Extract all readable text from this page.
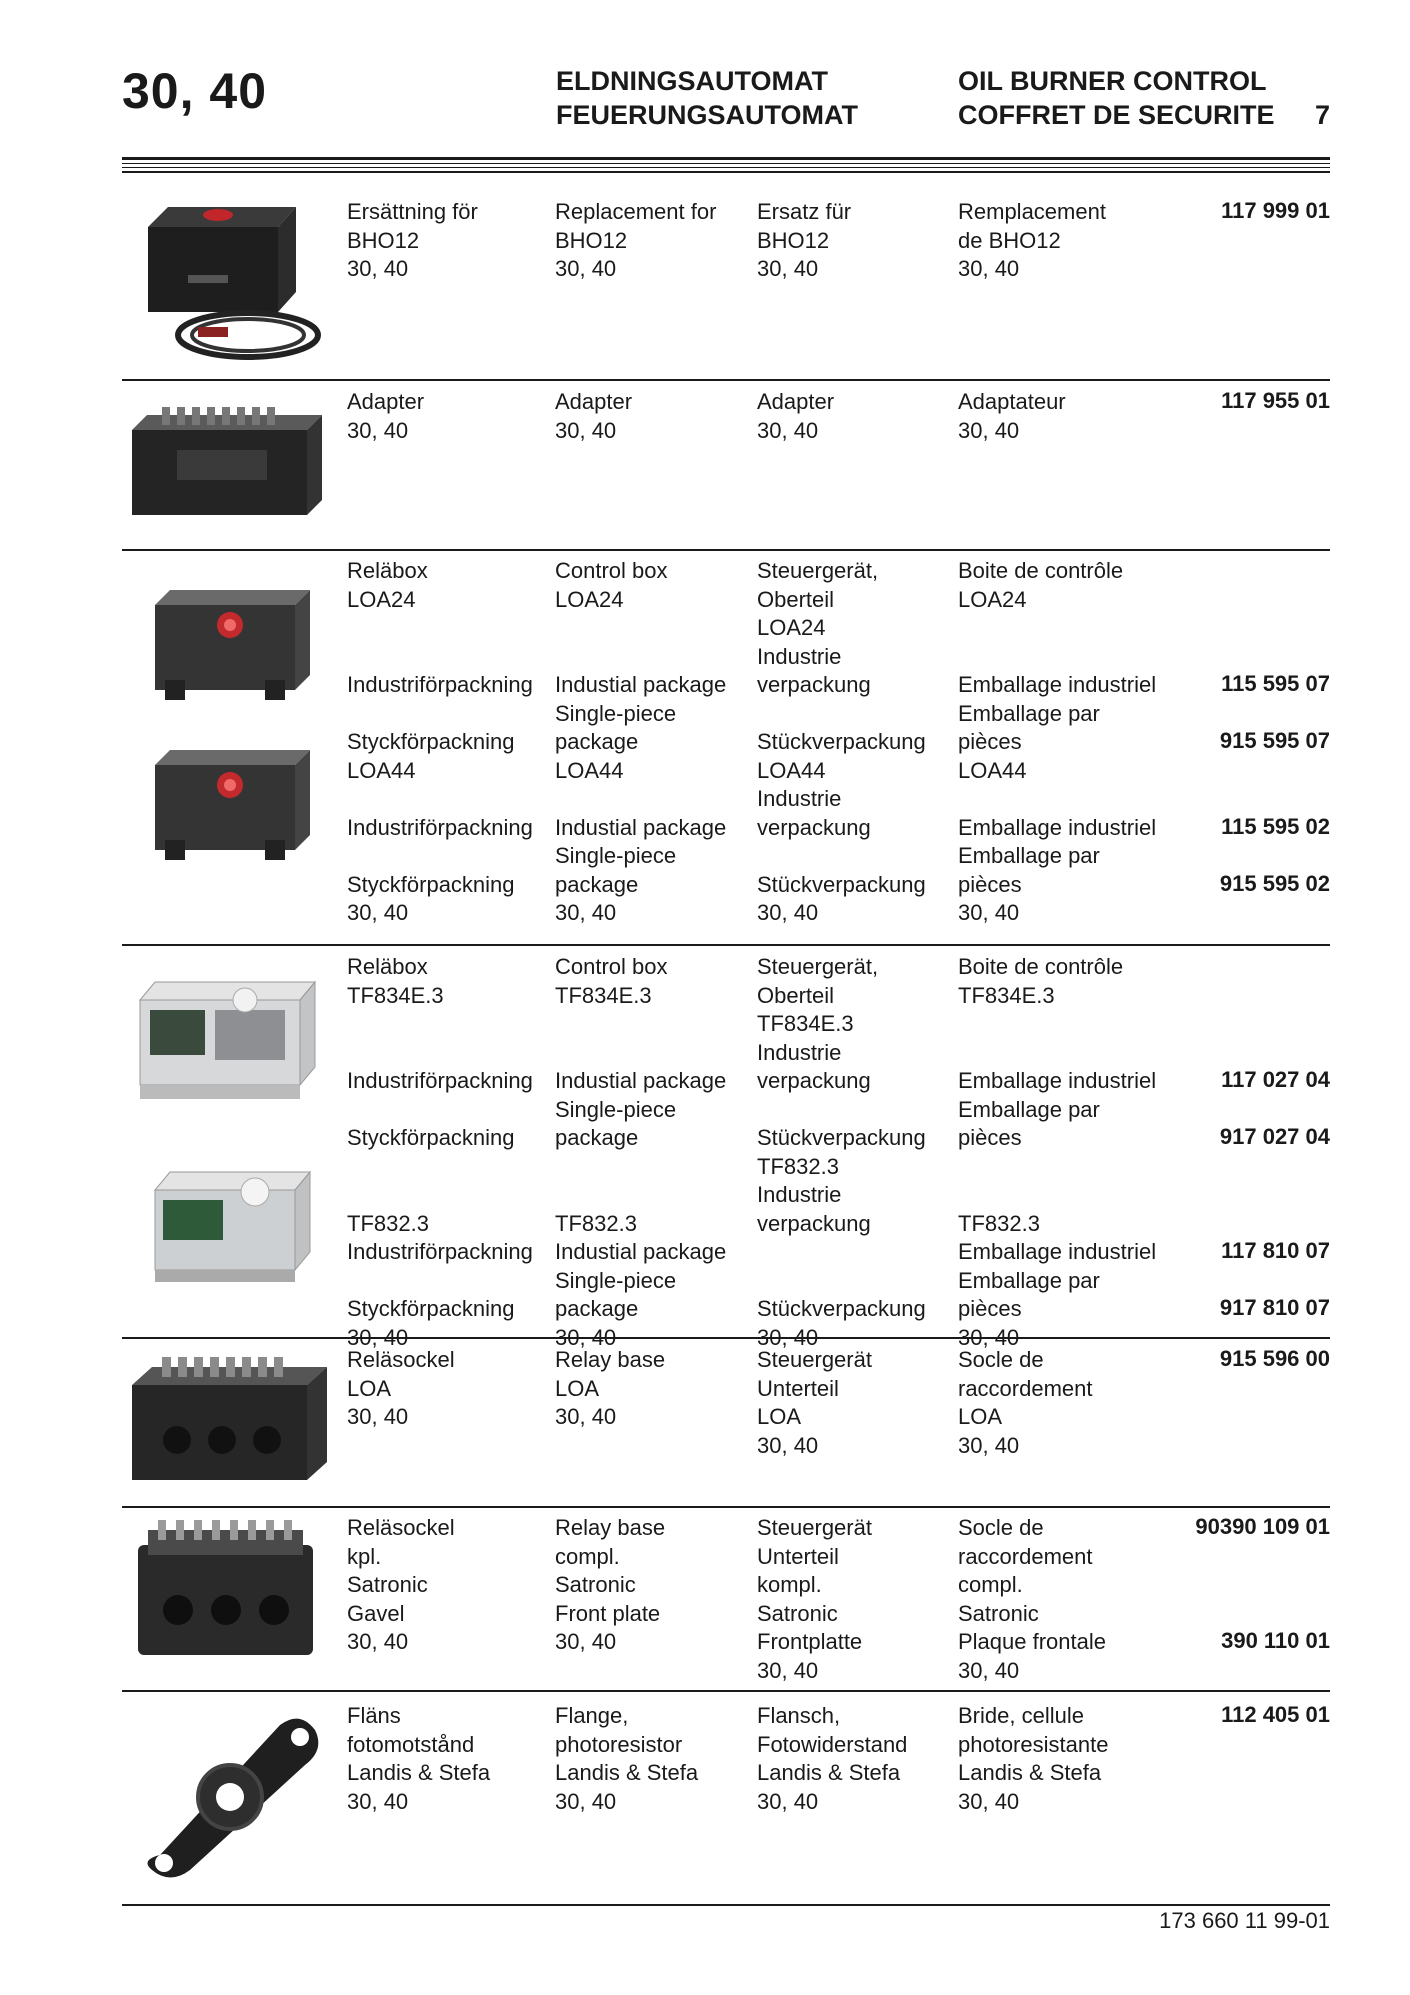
30, 40	ELDNINGSAUTOMAT
FEUERUNGSAUTOMAT
OIL BURNER CONTROL
COFFRET DE SECURITE 7
Ersättning för
BHO12
30, 40
Replacement for
BHO12
30, 40
Ersatz für
BHO12
30, 40
Remplacement
de BHO12
30, 40
117 999 01
Adapter
30, 40
Adapter
30, 40
Adapter
30, 40
Adaptateur
30, 40
117 955 01
Reläbox
LOA24

Industriförpackning

Styckförpackning
LOA44

Industriförpackning

Styckförpackning
30, 40
Control box
LOA24

Industial package
Single-piece
package
LOA44

Industial package
Single-piece
package
30, 40
Steuergerät,
Oberteil
LOA24
Industrie
verpackung

Stückverpackung
LOA44
Industrie
verpackung

Stückverpackung
30, 40
Boite de contrôle
LOA24

Emballage industriel
Emballage par
pièces
LOA44

Emballage industriel
Emballage par
pièces
30, 40
115 595 07
915 595 07
115 595 02
915 595 02
Reläbox
TF834E.3

Industriförpackning

Styckförpackning

TF832.3
Industriförpackning

Styckförpackning
30, 40
Control box
TF834E.3

Industial package
Single-piece
package

TF832.3
Industial package
Single-piece
package
30, 40
Steuergerät,
Oberteil
TF834E.3
Industrie
verpackung

Stückverpackung
TF832.3
Industrie
verpackung

Stückverpackung
30, 40
Boite de contrôle
TF834E.3

Emballage industriel
Emballage par
pièces

TF832.3
Emballage industriel
Emballage par
pièces
30, 40
117 027 04
917 027 04
117 810 07
917 810 07
Reläsockel
LOA
30, 40
Relay base
LOA
30, 40
Steuergerät
Unterteil
LOA
30, 40
Socle de
raccordement
LOA
30, 40
915 596 00
Reläsockel
kpl.
Satronic
Gavel
30, 40
Relay base
compl.
Satronic
Front plate
30, 40
Steuergerät
Unterteil
kompl.
Satronic
Frontplatte
30, 40
Socle de
raccordement
compl.
Satronic
Plaque frontale
30, 40
90390 109 01
390 110 01
Fläns
fotomotstånd
Landis & Stefa
30, 40
Flange,
photoresistor
Landis & Stefa
30, 40
Flansch,
Fotowiderstand
Landis & Stefa
30, 40
Bride, cellule
photoresistante
Landis & Stefa
30, 40
112 405 01
173 660 11 99-01
